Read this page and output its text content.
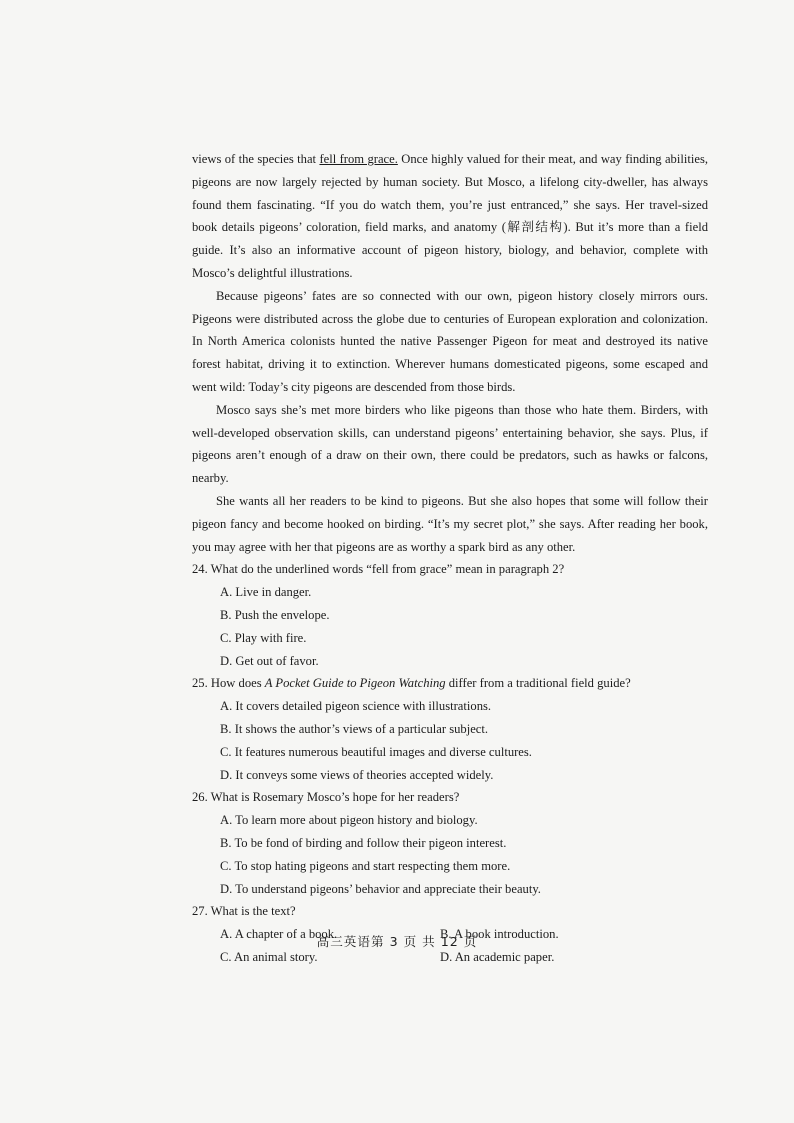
views of the species that fell from grace. Once highly valued for their meat, and way finding abilities, pigeons are now largely rejected by human society. But Mosco, a lifelong city-dweller, has always found them fascinating. “If you do watch them, you’re just entranced,” she says. Her travel-sized book details pigeons’ coloration, field marks, and anatomy (解剖结构). But it’s more than a field guide. It’s also an informative account of pigeon history, biology, and behavior, complete with Mosco’s delightful illustrations.

Because pigeons’ fates are so connected with our own, pigeon history closely mirrors ours. Pigeons were distributed across the globe due to centuries of European exploration and colonization. In North America colonists hunted the native Passenger Pigeon for meat and destroyed its native forest habitat, driving it to extinction. Wherever humans domesticated pigeons, some escaped and went wild: Today’s city pigeons are descended from those birds.

Mosco says she’s met more birders who like pigeons than those who hate them. Birders, with well-developed observation skills, can understand pigeons’ entertaining behavior, she says. Plus, if pigeons aren’t enough of a draw on their own, there could be predators, such as hawks or falcons, nearby.

She wants all her readers to be kind to pigeons. But she also hopes that some will follow their pigeon fancy and become hooked on birding. “It’s my secret plot,” she says. After reading her book, you may agree with her that pigeons are as worthy a spark bird as any other.

24. What do the underlined words “fell from grace” mean in paragraph 2?

A. Live in danger.

B. Push the envelope.

C. Play with fire.

D. Get out of favor.

25. How does A Pocket Guide to Pigeon Watching differ from a traditional field guide?

A. It covers detailed pigeon science with illustrations.

B. It shows the author’s views of a particular subject.

C. It features numerous beautiful images and diverse cultures.

D. It conveys some views of theories accepted widely.

26. What is Rosemary Mosco’s hope for her readers?

A. To learn more about pigeon history and biology.

B. To be fond of birding and follow their pigeon interest.

C. To stop hating pigeons and start respecting them more.

D. To understand pigeons’ behavior and appreciate their beauty.

27. What is the text?

A. A chapter of a book.	B. A book introduction.

C. An animal story.	D. An academic paper.

高三英语第 3 页 共 12 页
